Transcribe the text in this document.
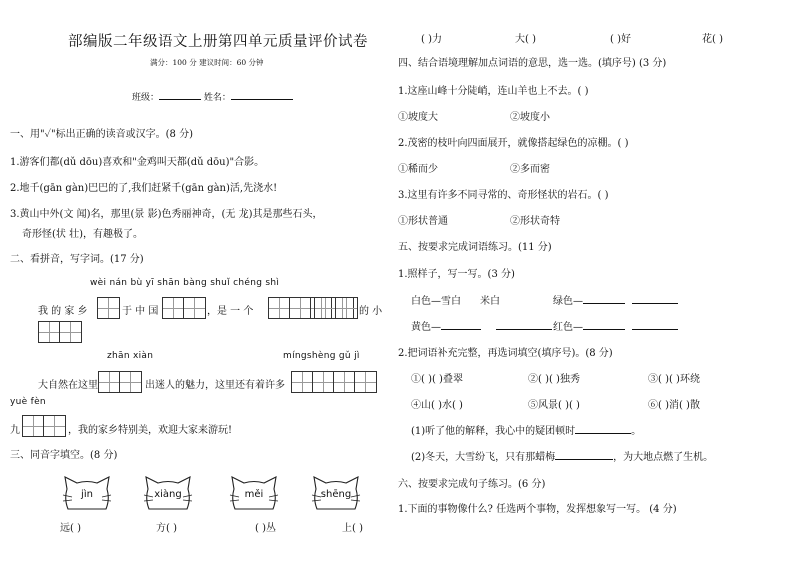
部编版二年级语文上册第四单元质量评价试卷
满分：100 分 建议时间：60 分钟
班级：	姓名：
一、用"✓"标出正确的读音或汉字。(8 分)
1.游客们都(dǔ dōu)喜欢和"金鸡叫天都(dǔ dōu)"合影。
2.地千(gān gàn)巴巴的了,我们赶紧千(gān gàn)活,先浇水!
3.黄山中外(文 闻)名，那里(景 影)色秀丽神奇，(无 龙)其是那些石头，
奇形怪(状 壮)，有趣极了。
二、看拼音，写字词。(17 分)
wèi nán bù yī shān bàng shuǐ chéng shì
我 的 家 乡	于 中 国	，是 一 个	的 小
zhān xiàn	míngshèng gǔ jì
大自然在这里	出迷人的魅力，这里还有着许多
yuè fèn
九	，我的家乡特别美，欢迎大家来游玩!
三、同音字填空。(8 分)
jìn	xiàng	měi	shēng
远( )	方( )	( )丛	上( )
( )力	大( )	( )好	花( )
四、结合语境理解加点词语的意思，选一选。(填序号) (3 分)
1.这座山峰十分陡峭，连山羊也上不去。( )
①坡度大	②坡度小
2.茂密的枝叶向四面展开，就像搭起绿色的凉棚。( )
①稀而少	②多而密
3.这里有许多不同寻常的、奇形怪状的岩石。( )
①形状普通	②形状奇特
五、按要求完成词语练习。(11 分)
1.照样子，写一写。(3 分)
白色—雪白 米白	绿色—
黄色—	红色—
2.把词语补充完整，再选词填空(填序号)。(8 分)
①( )( )叠翠	②( )( )独秀	③( )( )环绕
④山( )水( )	⑤风景( )( )	⑥( )消( )散
(1)听了他的解释，我心中的疑团顿时	。
(2)冬天，大雪纷飞，只有那蜡梅	，为大地点燃了生机。
六、按要求完成句子练习。(6 分)
1.下面的事物像什么? 任选两个事物，发挥想象写一写。 (4 分)
